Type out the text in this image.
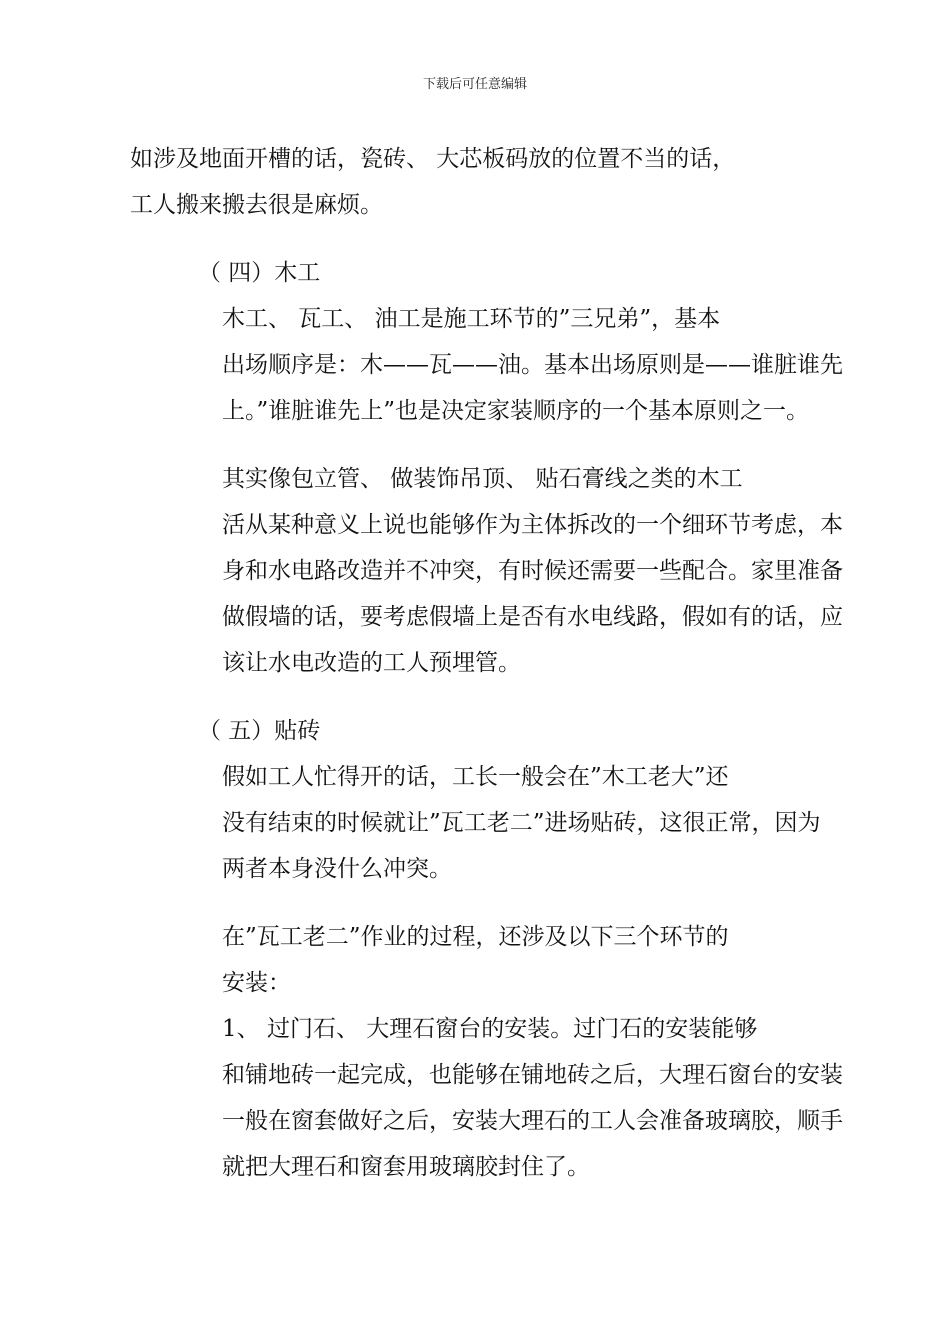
下载后可任意编辑
如涉及地面开槽的话，瓷砖、 大芯板码放的位置不当的话，
工人搬来搬去很是麻烦。
（ 四）木工
木工、 瓦工、 油工是施工环节的”三兄弟”，基本
出场顺序是：木——瓦——油。基本出场原则是——谁脏谁先
上。”谁脏谁先上”也是决定家装顺序的一个基本原则之一。
其实像包立管、 做装饰吊顶、 贴石膏线之类的木工
活从某种意义上说也能够作为主体拆改的一个细环节考虑，本
身和水电路改造并不冲突，有时候还需要一些配合。家里准备
做假墙的话，要考虑假墙上是否有水电线路，假如有的话，应
该让水电改造的工人预埋管。
（ 五）贴砖
假如工人忙得开的话，工长一般会在”木工老大”还
没有结束的时候就让”瓦工老二”进场贴砖，这很正常，因为
两者本身没什么冲突。
在”瓦工老二”作业的过程，还涉及以下三个环节的
安装：
1、 过门石、 大理石窗台的安装。过门石的安装能够
和铺地砖一起完成，也能够在铺地砖之后，大理石窗台的安装
一般在窗套做好之后，安装大理石的工人会准备玻璃胶，顺手
就把大理石和窗套用玻璃胶封住了。
